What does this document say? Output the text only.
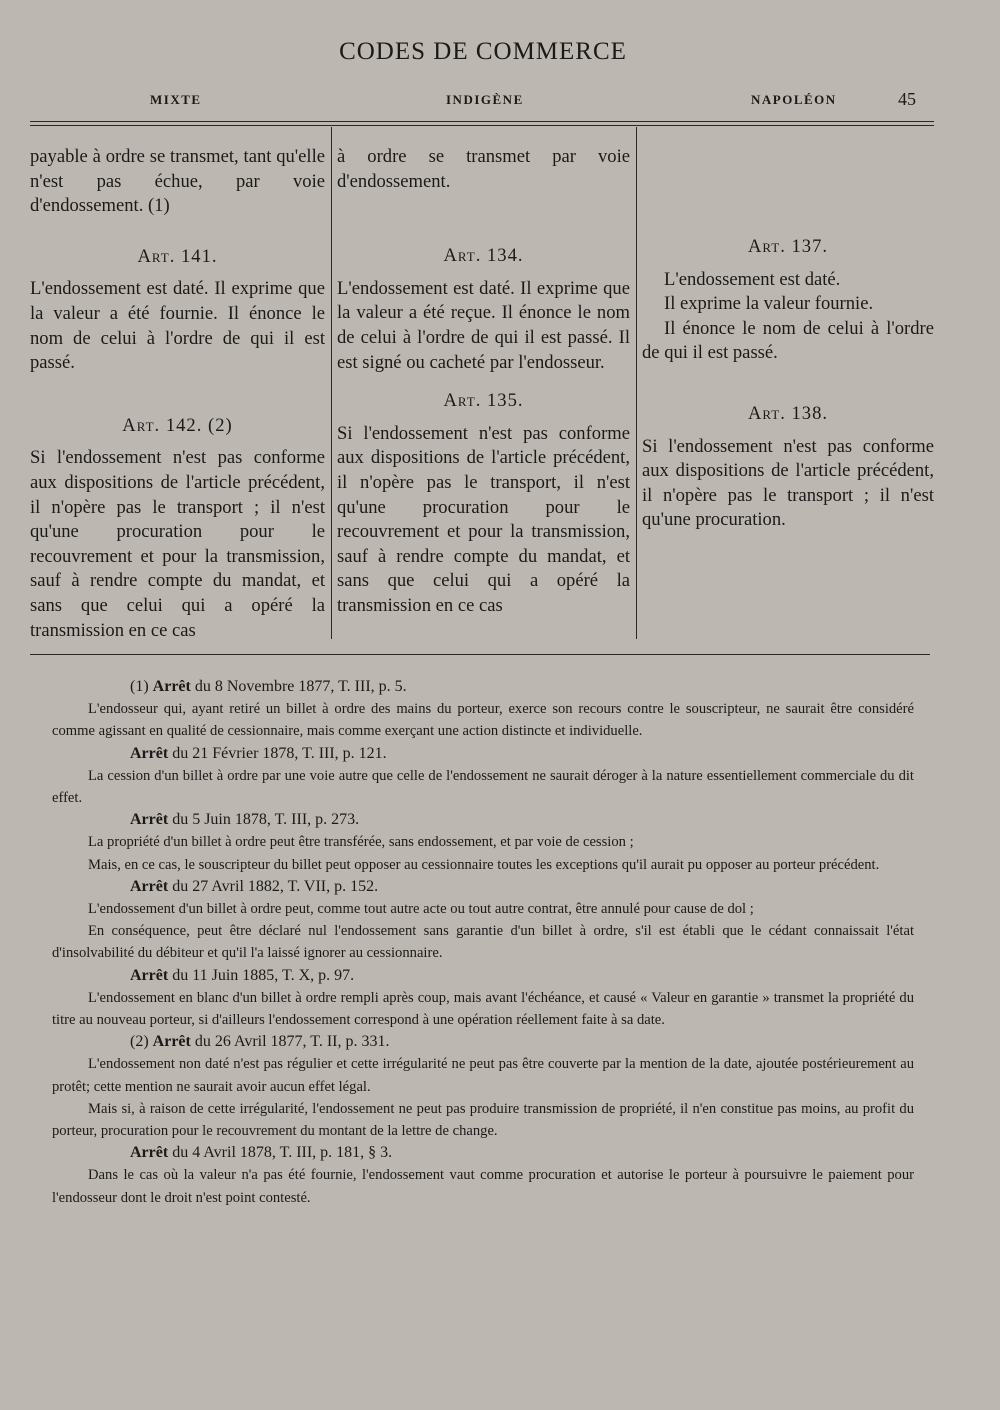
CODES DE COMMERCE
MIXTE	INDIGÈNE	NAPOLÉON	45

payable à ordre se transmet, tant qu'elle n'est pas échue, par voie d'endossement. (1)

Art. 141.

L'endossement est daté. Il exprime que la valeur a été fournie. Il énonce le nom de celui à l'ordre de qui il est passé.

Art. 142. (2)

Si l'endossement n'est pas conforme aux dispositions de l'article précédent, il n'opère pas le transport ; il n'est qu'une procuration pour le recouvrement et pour la transmission, sauf à rendre compte du mandat, et sans que celui qui a opéré la transmission en ce cas

à ordre se transmet par voie d'endossement.

Art. 134.

L'endossement est daté. Il exprime que la valeur a été reçue. Il énonce le nom de celui à l'ordre de qui il est passé. Il est signé ou cacheté par l'endosseur.

Art. 135.

Si l'endossement n'est pas conforme aux dispositions de l'article précédent, il n'opère pas le transport, il n'est qu'une procuration pour le recouvrement et pour la transmission, sauf à rendre compte du mandat, et sans que celui qui a opéré la transmission en ce cas

Art. 137.

L'endossement est daté.

Il exprime la valeur fournie.

Il énonce le nom de celui à l'ordre de qui il est passé.

Art. 138.

Si l'endossement n'est pas conforme aux dispositions de l'article précédent, il n'opère pas le transport ; il n'est qu'une procuration.

(1) Arrêt du 8 Novembre 1877, T. III, p. 5.

L'endosseur qui, ayant retiré un billet à ordre des mains du porteur, exerce son recours contre le souscripteur, ne saurait être considéré comme agissant en qualité de cessionnaire, mais comme exerçant une action distincte et individuelle.

Arrêt du 21 Février 1878, T. III, p. 121.

La cession d'un billet à ordre par une voie autre que celle de l'endossement ne saurait déroger à la nature essentiellement commerciale du dit effet.

Arrêt du 5 Juin 1878, T. III, p. 273.

La propriété d'un billet à ordre peut être transférée, sans endossement, et par voie de cession ;

Mais, en ce cas, le souscripteur du billet peut opposer au cessionnaire toutes les exceptions qu'il aurait pu opposer au porteur précédent.

Arrêt du 27 Avril 1882, T. VII, p. 152.

L'endossement d'un billet à ordre peut, comme tout autre acte ou tout autre contrat, être annulé pour cause de dol ;

En conséquence, peut être déclaré nul l'endossement sans garantie d'un billet à ordre, s'il est établi que le cédant connaissait l'état d'insolvabilité du débiteur et qu'il l'a laissé ignorer au cessionnaire.

Arrêt du 11 Juin 1885, T. X, p. 97.

L'endossement en blanc d'un billet à ordre rempli après coup, mais avant l'échéance, et causé « Valeur en garantie » transmet la propriété du titre au nouveau porteur, si d'ailleurs l'endossement correspond à une opération réellement faite à sa date.

(2) Arrêt du 26 Avril 1877, T. II, p. 331.

L'endossement non daté n'est pas régulier et cette irrégularité ne peut pas être couverte par la mention de la date, ajoutée postérieurement au protêt; cette mention ne saurait avoir aucun effet légal.

Mais si, à raison de cette irrégularité, l'endossement ne peut pas produire transmission de propriété, il n'en constitue pas moins, au profit du porteur, procuration pour le recouvrement du montant de la lettre de change.

Arrêt du 4 Avril 1878, T. III, p. 181, § 3.

Dans le cas où la valeur n'a pas été fournie, l'endossement vaut comme procuration et autorise le porteur à poursuivre le paiement pour l'endosseur dont le droit n'est point contesté.
